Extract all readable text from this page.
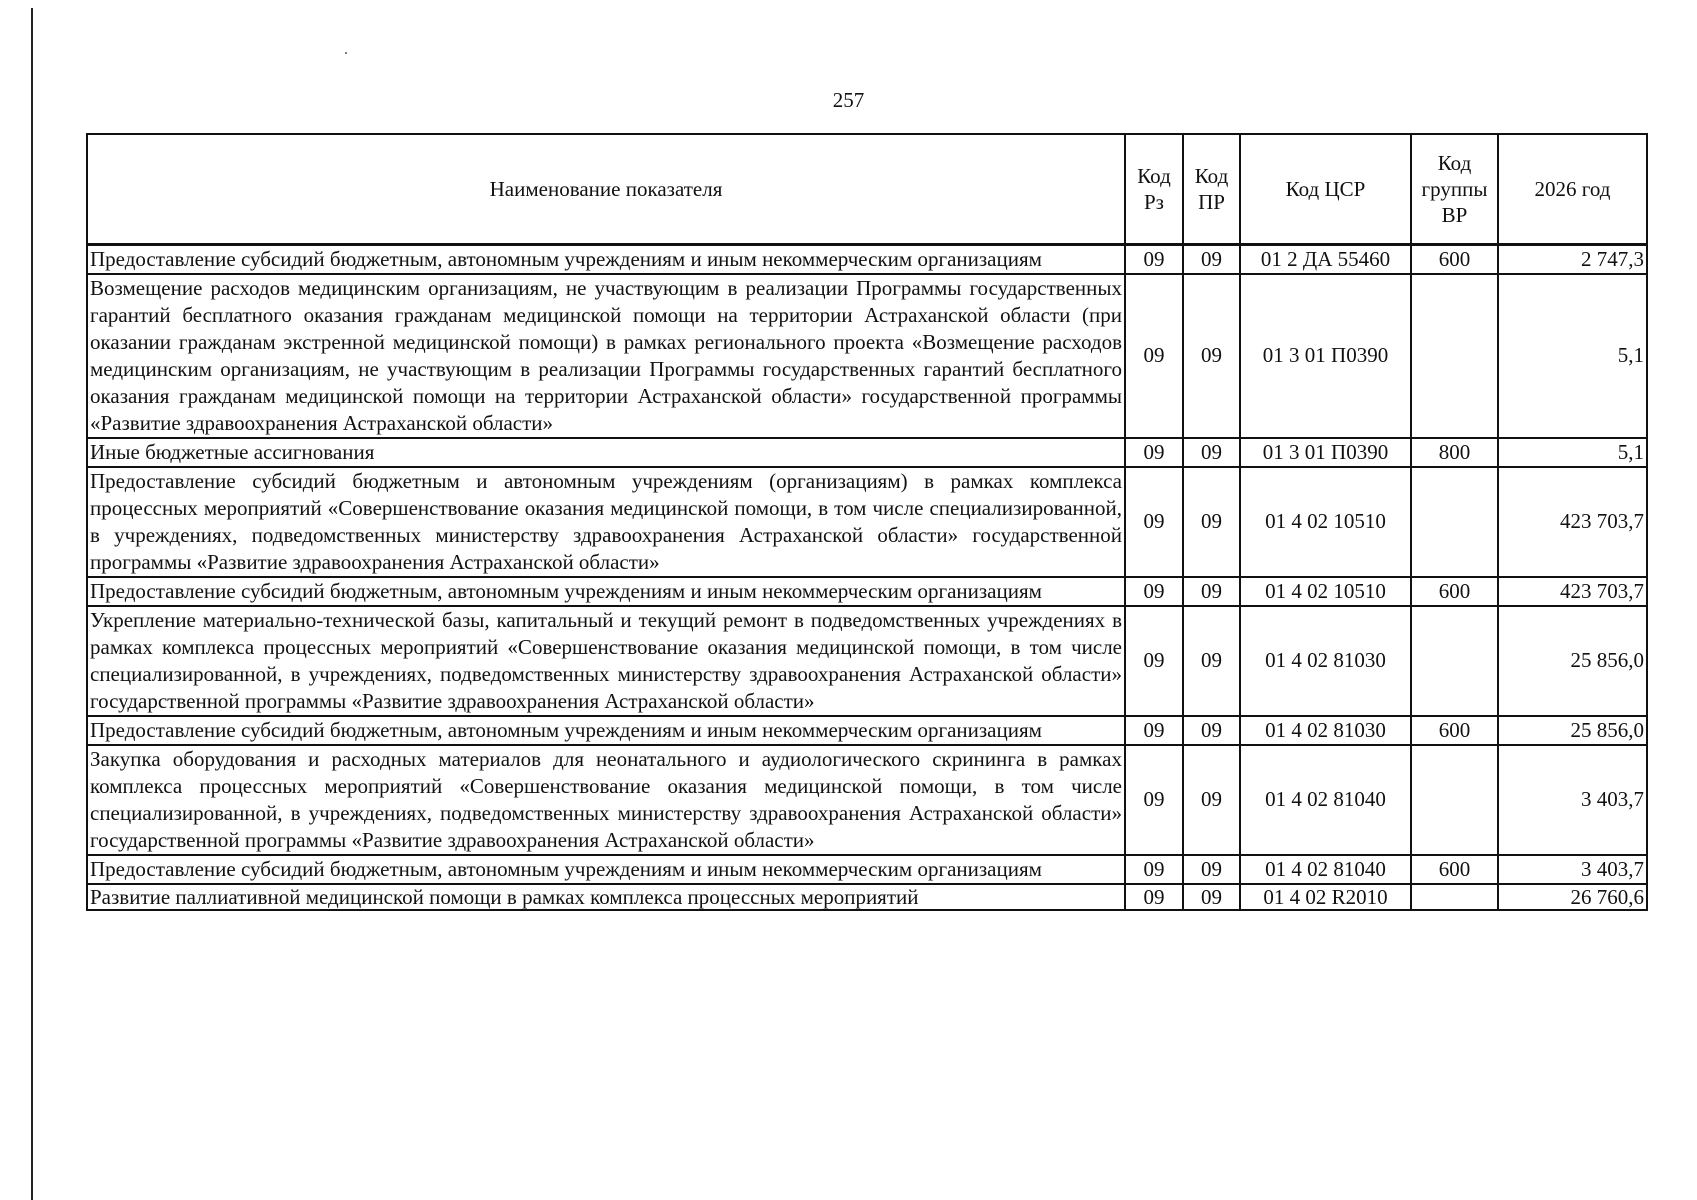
257
Наименование показателя	Код Рз	Код ПР	Код ЦСР	Код группы ВР	2026 год
Предоставление субсидий бюджетным, автономным учреждениям и иным некоммерческим организациям	09	09	01 2 ДА 55460	600	2 747,3
Возмещение расходов медицинским организациям, не участвующим в реализации Программы государственных гарантий бесплатного оказания гражданам медицинской помощи на территории Астраханской области (при оказании гражданам экстренной медицинской помощи) в рамках регионального проекта «Возмещение расходов медицинским организациям, не участвующим в реализации Программы государственных гарантий бесплатного оказания гражданам медицинской помощи на территории Астраханской области» государственной программы «Развитие здравоохранения Астраханской области»	09	09	01 3 01 П0390		5,1
Иные бюджетные ассигнования	09	09	01 3 01 П0390	800	5,1
Предоставление субсидий бюджетным и автономным учреждениям (организациям) в рамках комплекса процессных мероприятий «Совершенствование оказания медицинской помощи, в том числе специализированной, в учреждениях, подведомственных министерству здравоохранения Астраханской области» государственной программы «Развитие здравоохранения Астраханской области»	09	09	01 4 02 10510		423 703,7
Предоставление субсидий бюджетным, автономным учреждениям и иным некоммерческим организациям	09	09	01 4 02 10510	600	423 703,7
Укрепление материально-технической базы, капитальный и текущий ремонт в подведомственных учреждениях в рамках комплекса процессных мероприятий «Совершенствование оказания медицинской помощи, в том числе специализированной, в учреждениях, подведомственных министерству здравоохранения Астраханской области» государственной программы «Развитие здравоохранения Астраханской области»	09	09	01 4 02 81030		25 856,0
Предоставление субсидий бюджетным, автономным учреждениям и иным некоммерческим организациям	09	09	01 4 02 81030	600	25 856,0
Закупка оборудования и расходных материалов для неонатального и аудиологического скрининга в рамках комплекса процессных мероприятий «Совершенствование оказания медицинской помощи, в том числе специализированной, в учреждениях, подведомственных министерству здравоохранения Астраханской области» государственной программы «Развитие здравоохранения Астраханской области»	09	09	01 4 02 81040		3 403,7
Предоставление субсидий бюджетным, автономным учреждениям и иным некоммерческим организациям	09	09	01 4 02 81040	600	3 403,7
Развитие паллиативной медицинской помощи в рамках комплекса процессных мероприятий	09	09	01 4 02 R2010		26 760,6
